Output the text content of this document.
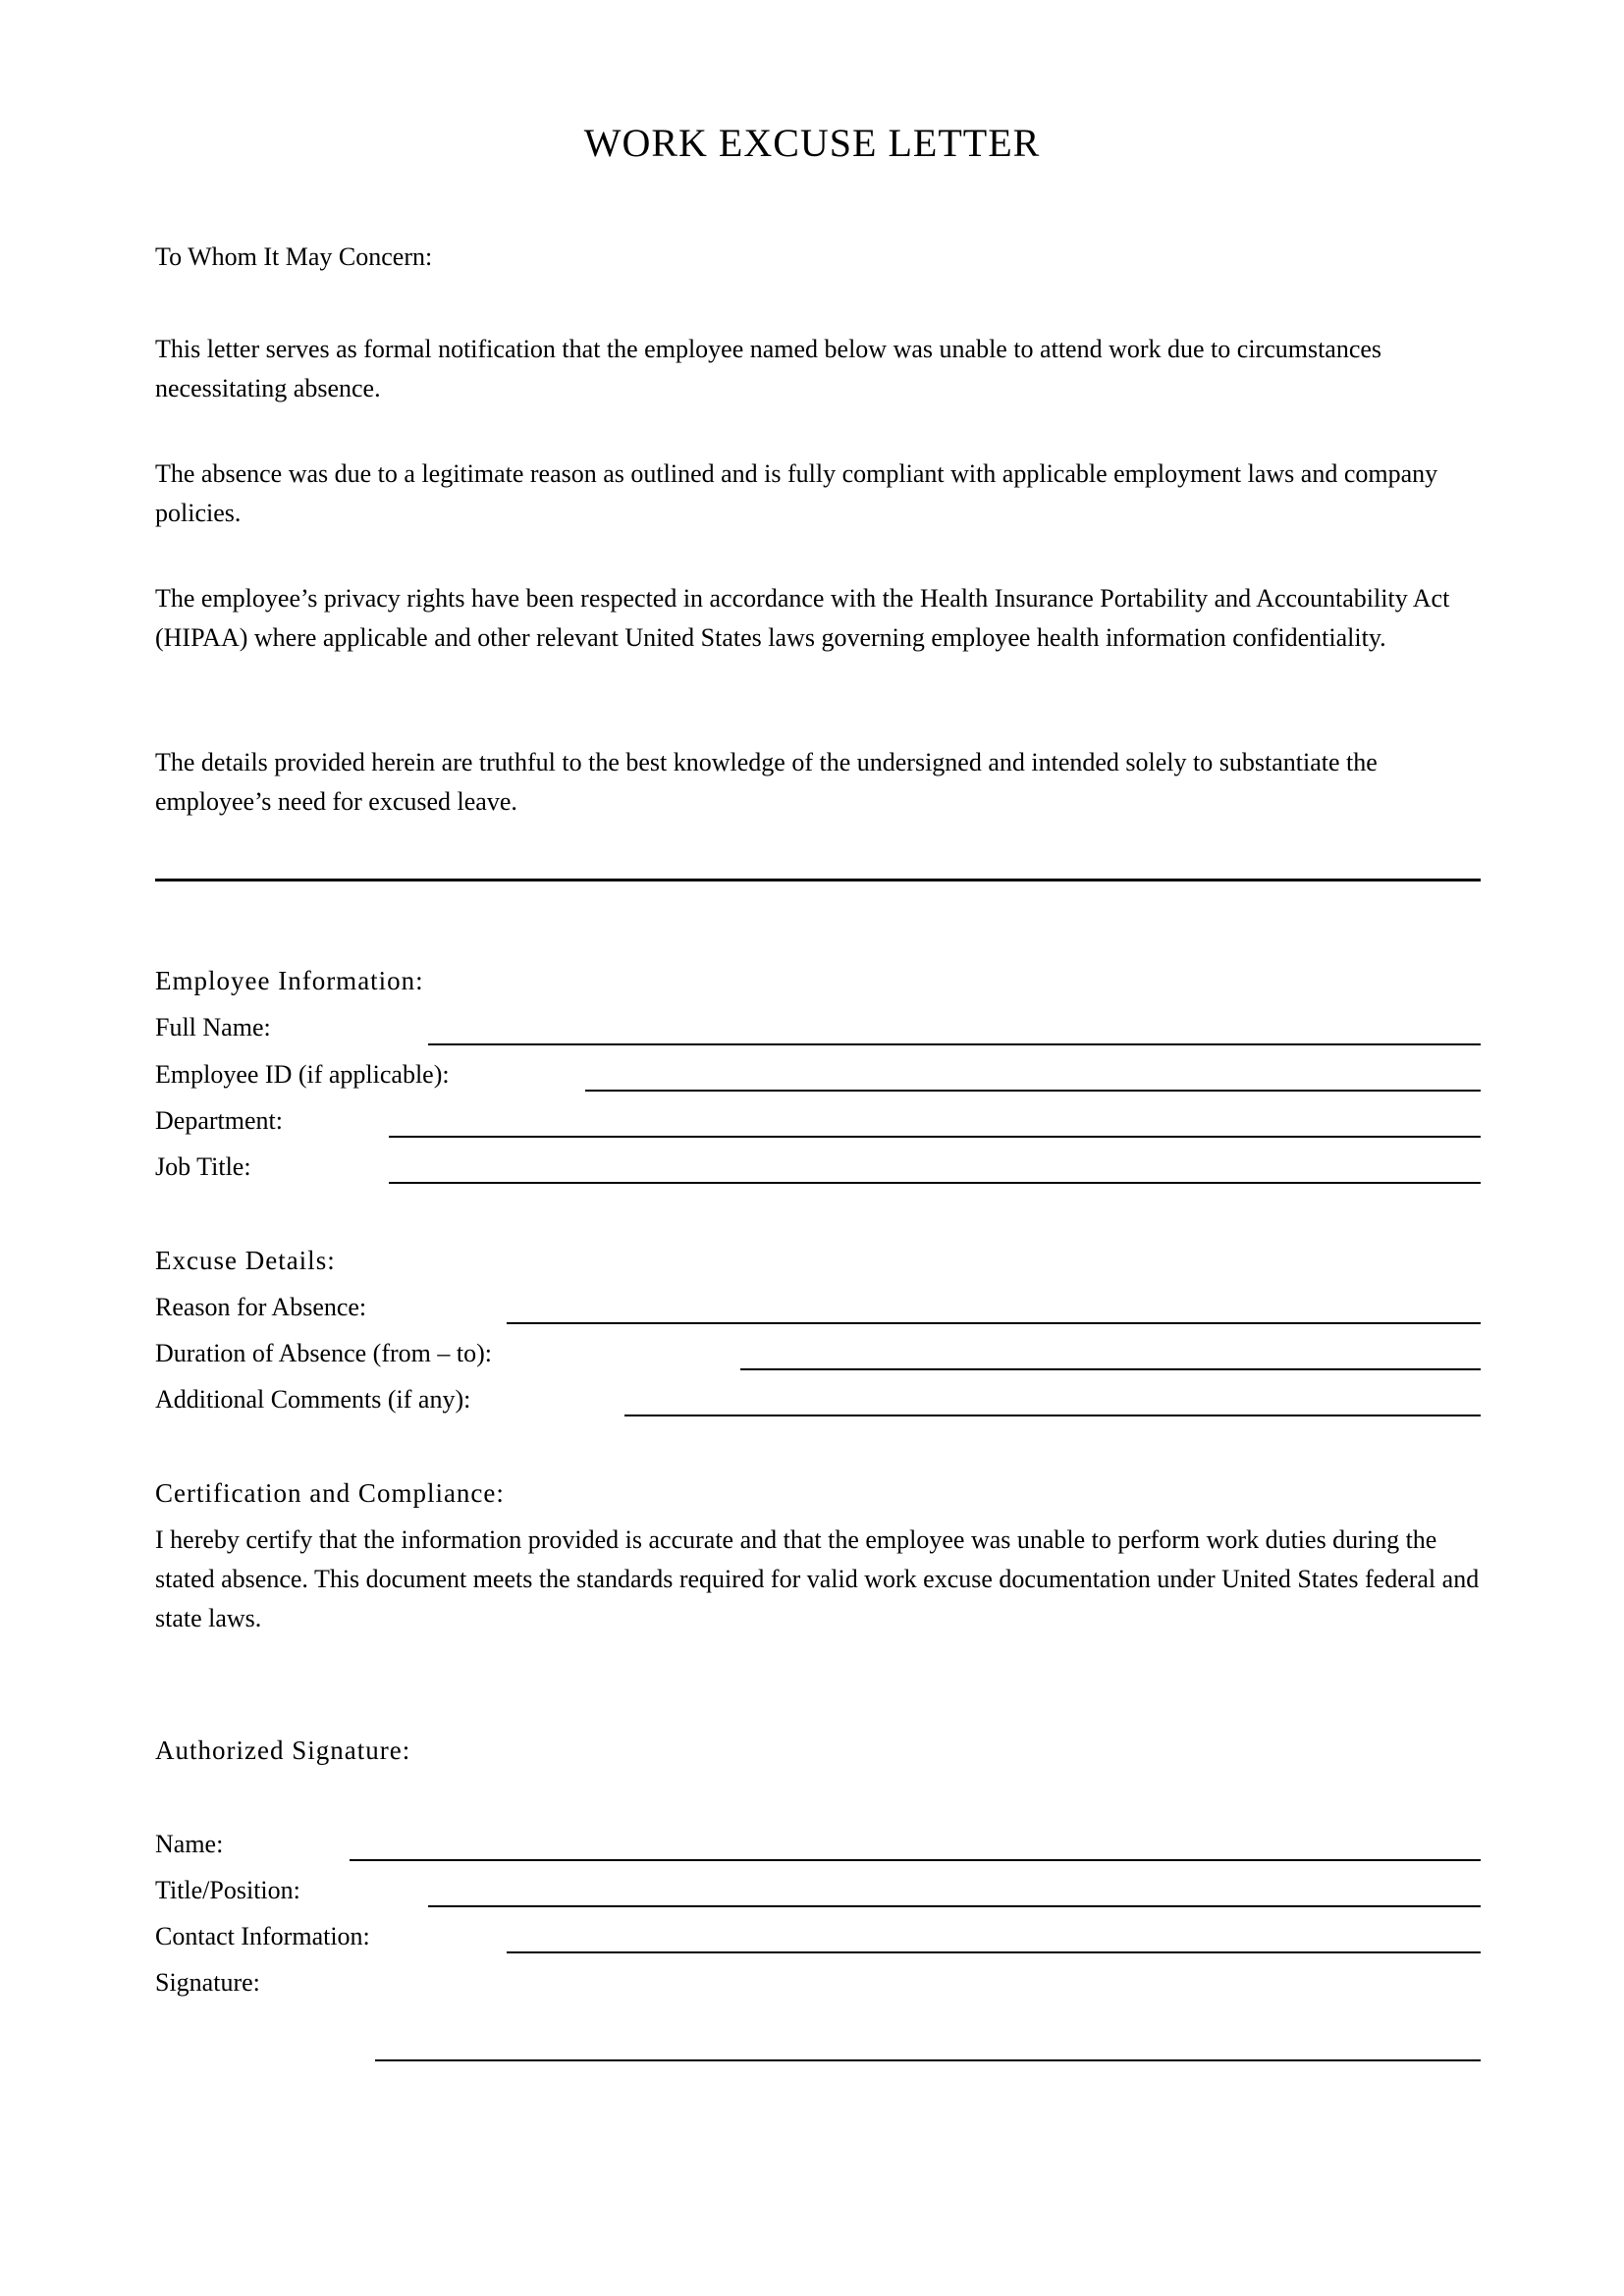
WORK EXCUSE LETTER

To Whom It May Concern:

This letter serves as formal notification that the employee named below was unable to attend work due to circumstances necessitating absence.

The absence was due to a legitimate reason as outlined and is fully compliant with applicable employment laws and company policies.

The employee’s privacy rights have been respected in accordance with the Health Insurance Portability and Accountability Act (HIPAA) where applicable and other relevant United States laws governing employee health information confidentiality.

The details provided herein are truthful to the best knowledge of the undersigned and intended solely to substantiate the employee’s need for excused leave.

Employee Information:
Full Name:
Employee ID (if applicable):
Department:
Job Title:
Excuse Details:
Reason for Absence:
Duration of Absence (from – to):
Additional Comments (if any):
Certification and Compliance:

I hereby certify that the information provided is accurate and that the employee was unable to perform work duties during the stated absence. This document meets the standards required for valid work excuse documentation under United States federal and state laws.

Authorized Signature:
Name:
Title/Position:
Contact Information:
Signature:
